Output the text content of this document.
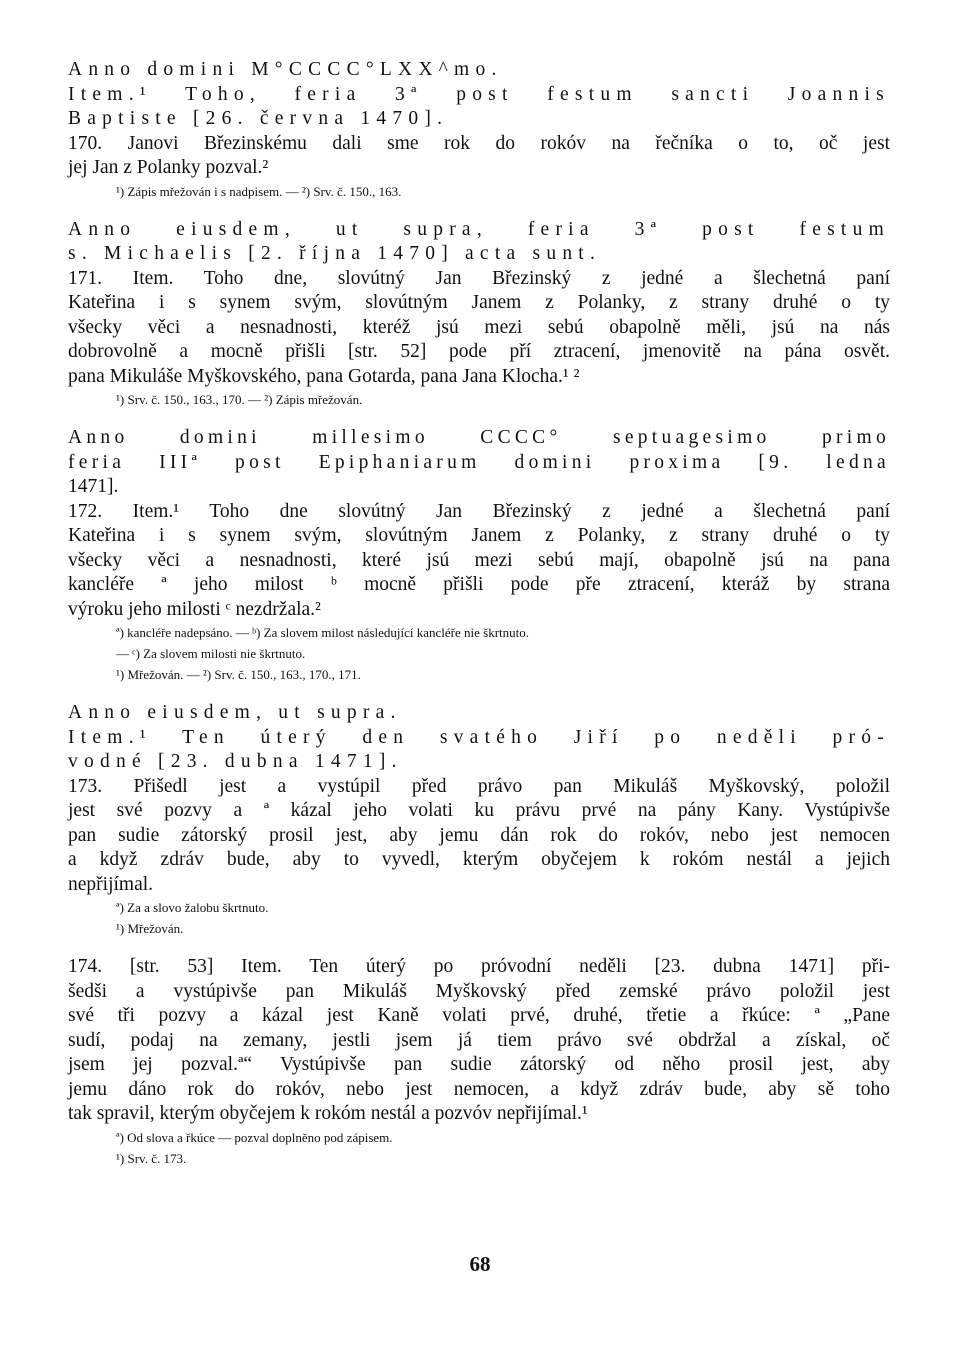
Anno domini M°CCCC°LXX^mo.
Item.¹ Toho, feria 3ª post festum sancti Joannis
Baptiste [26. června 1470].
170. Janovi Březinskému dali sme rok do rokóv na řečníka o to, oč jest
jej Jan z Polanky pozval.²
¹) Zápis mřežován i s nadpisem. — ²) Srv. č. 150., 163.
Anno eiusdem, ut supra, feria 3ª post festum
s. Michaelis [2. října 1470] acta sunt.
171. Item. Toho dne, slovútný Jan Březinský z jedné a šlechetná paní
Kateřina i s synem svým, slovútným Janem z Polanky, z strany druhé o ty
všecky věci a nesnadnosti, kteréž jsú mezi sebú obapolně měli, jsú na nás
dobrovolně a mocně přišli [str. 52] pode pří ztracení, jmenovitě na pána osvět.
pana Mikuláše Myškovského, pana Gotarda, pana Jana Klocha.¹ ²
¹) Srv. č. 150., 163., 170. — ²) Zápis mřežován.
Anno domini millesimo CCCC° septuagesimo primo
feria IIIª post Epiphaniarum domini proxima [9. ledna
1471].
172. Item.¹ Toho dne slovútný Jan Březinský z jedné a šlechetná paní
Kateřina i s synem svým, slovútným Janem z Polanky, z strany druhé o ty
všecky věci a nesnadnosti, které jsú mezi sebú mají, obapolně jsú na pana
kancléře ª jeho milost ᵇ mocně přišli pode pře ztracení, kteráž by strana
výroku jeho milosti ᶜ nezdržala.²
ª) kancléře nadepsáno. — ᵇ) Za slovem milost následující kancléře nie škrtnuto.
— ᶜ) Za slovem milosti nie škrtnuto.
¹) Mřežován. — ²) Srv. č. 150., 163., 170., 171.
Anno eiusdem, ut supra.
Item.¹ Ten úterý den svatého Jiří po neděli pró-
vodné [23. dubna 1471].
173. Přišedl jest a vystúpil před právo pan Mikuláš Myškovský, položil
jest své pozvy a ª kázal jeho volati ku právu prvé na pány Kany. Vystúpivše
pan sudie zátorský prosil jest, aby jemu dán rok do rokóv, nebo jest nemocen
a když zdráv bude, aby to vyvedl, kterým obyčejem k rokóm nestál a jejich
nepřijímal.
ª) Za a slovo žalobu škrtnuto.
¹) Mřežován.
174. [str. 53] Item. Ten úterý po próvodní neděli [23. dubna 1471] při-
šedši a vystúpivše pan Mikuláš Myškovský před zemské právo položil jest
své tři pozvy a kázal jest Kaně volati prvé, druhé, třetie a řkúce: ª „Pane
sudí, podaj na zemany, jestli jsem já tiem právo své obdržal a získal, oč
jsem jej pozval.ª“ Vystúpivše pan sudie zátorský od něho prosil jest, aby
jemu dáno rok do rokóv, nebo jest nemocen, a když zdráv bude, aby sě toho
tak spravil, kterým obyčejem k rokóm nestál a pozvóv nepřijímal.¹
ª) Od slova a řkúce — pozval doplněno pod zápisem.
¹) Srv. č. 173.
68
